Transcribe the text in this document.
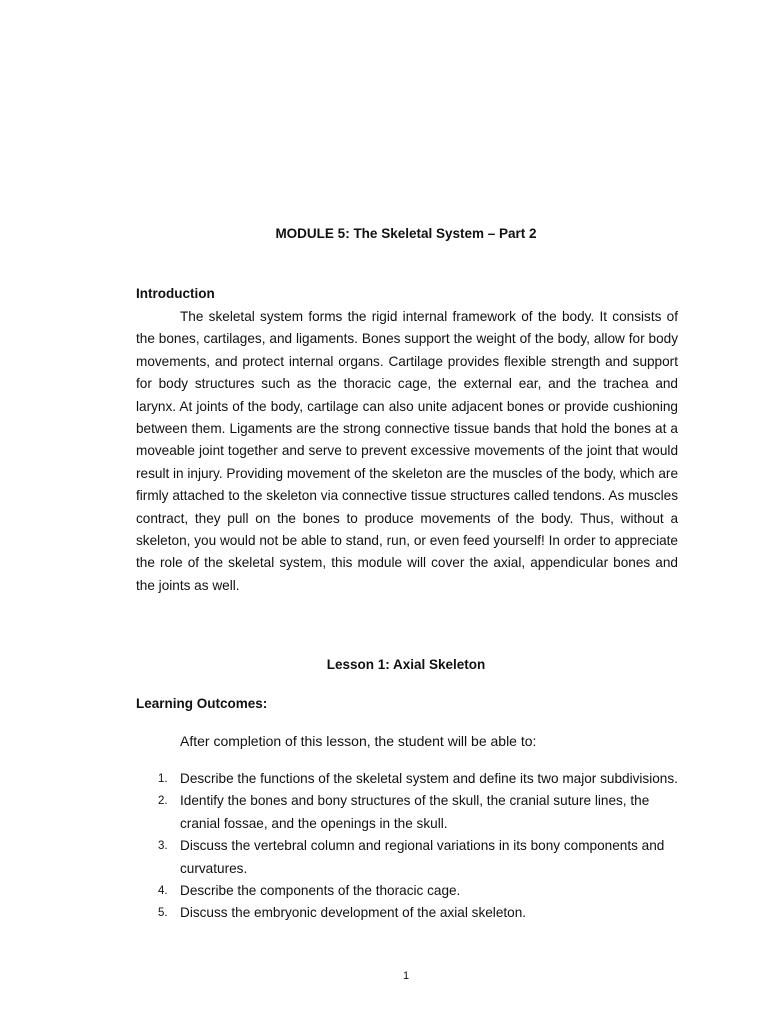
MODULE 5: The Skeletal System – Part 2
Introduction

The skeletal system forms the rigid internal framework of the body. It consists of the bones, cartilages, and ligaments. Bones support the weight of the body, allow for body movements, and protect internal organs. Cartilage provides flexible strength and support for body structures such as the thoracic cage, the external ear, and the trachea and larynx. At joints of the body, cartilage can also unite adjacent bones or provide cushioning between them. Ligaments are the strong connective tissue bands that hold the bones at a moveable joint together and serve to prevent excessive movements of the joint that would result in injury. Providing movement of the skeleton are the muscles of the body, which are firmly attached to the skeleton via connective tissue structures called tendons. As muscles contract, they pull on the bones to produce movements of the body. Thus, without a skeleton, you would not be able to stand, run, or even feed yourself! In order to appreciate the role of the skeletal system, this module will cover the axial, appendicular bones and the joints as well.

Lesson 1: Axial Skeleton
Learning Outcomes:
After completion of this lesson, the student will be able to:
1. Describe the functions of the skeletal system and define its two major subdivisions.
2. Identify the bones and bony structures of the skull, the cranial suture lines, the cranial fossae, and the openings in the skull.
3. Discuss the vertebral column and regional variations in its bony components and curvatures.
4. Describe the components of the thoracic cage.
5. Discuss the embryonic development of the axial skeleton.
1
